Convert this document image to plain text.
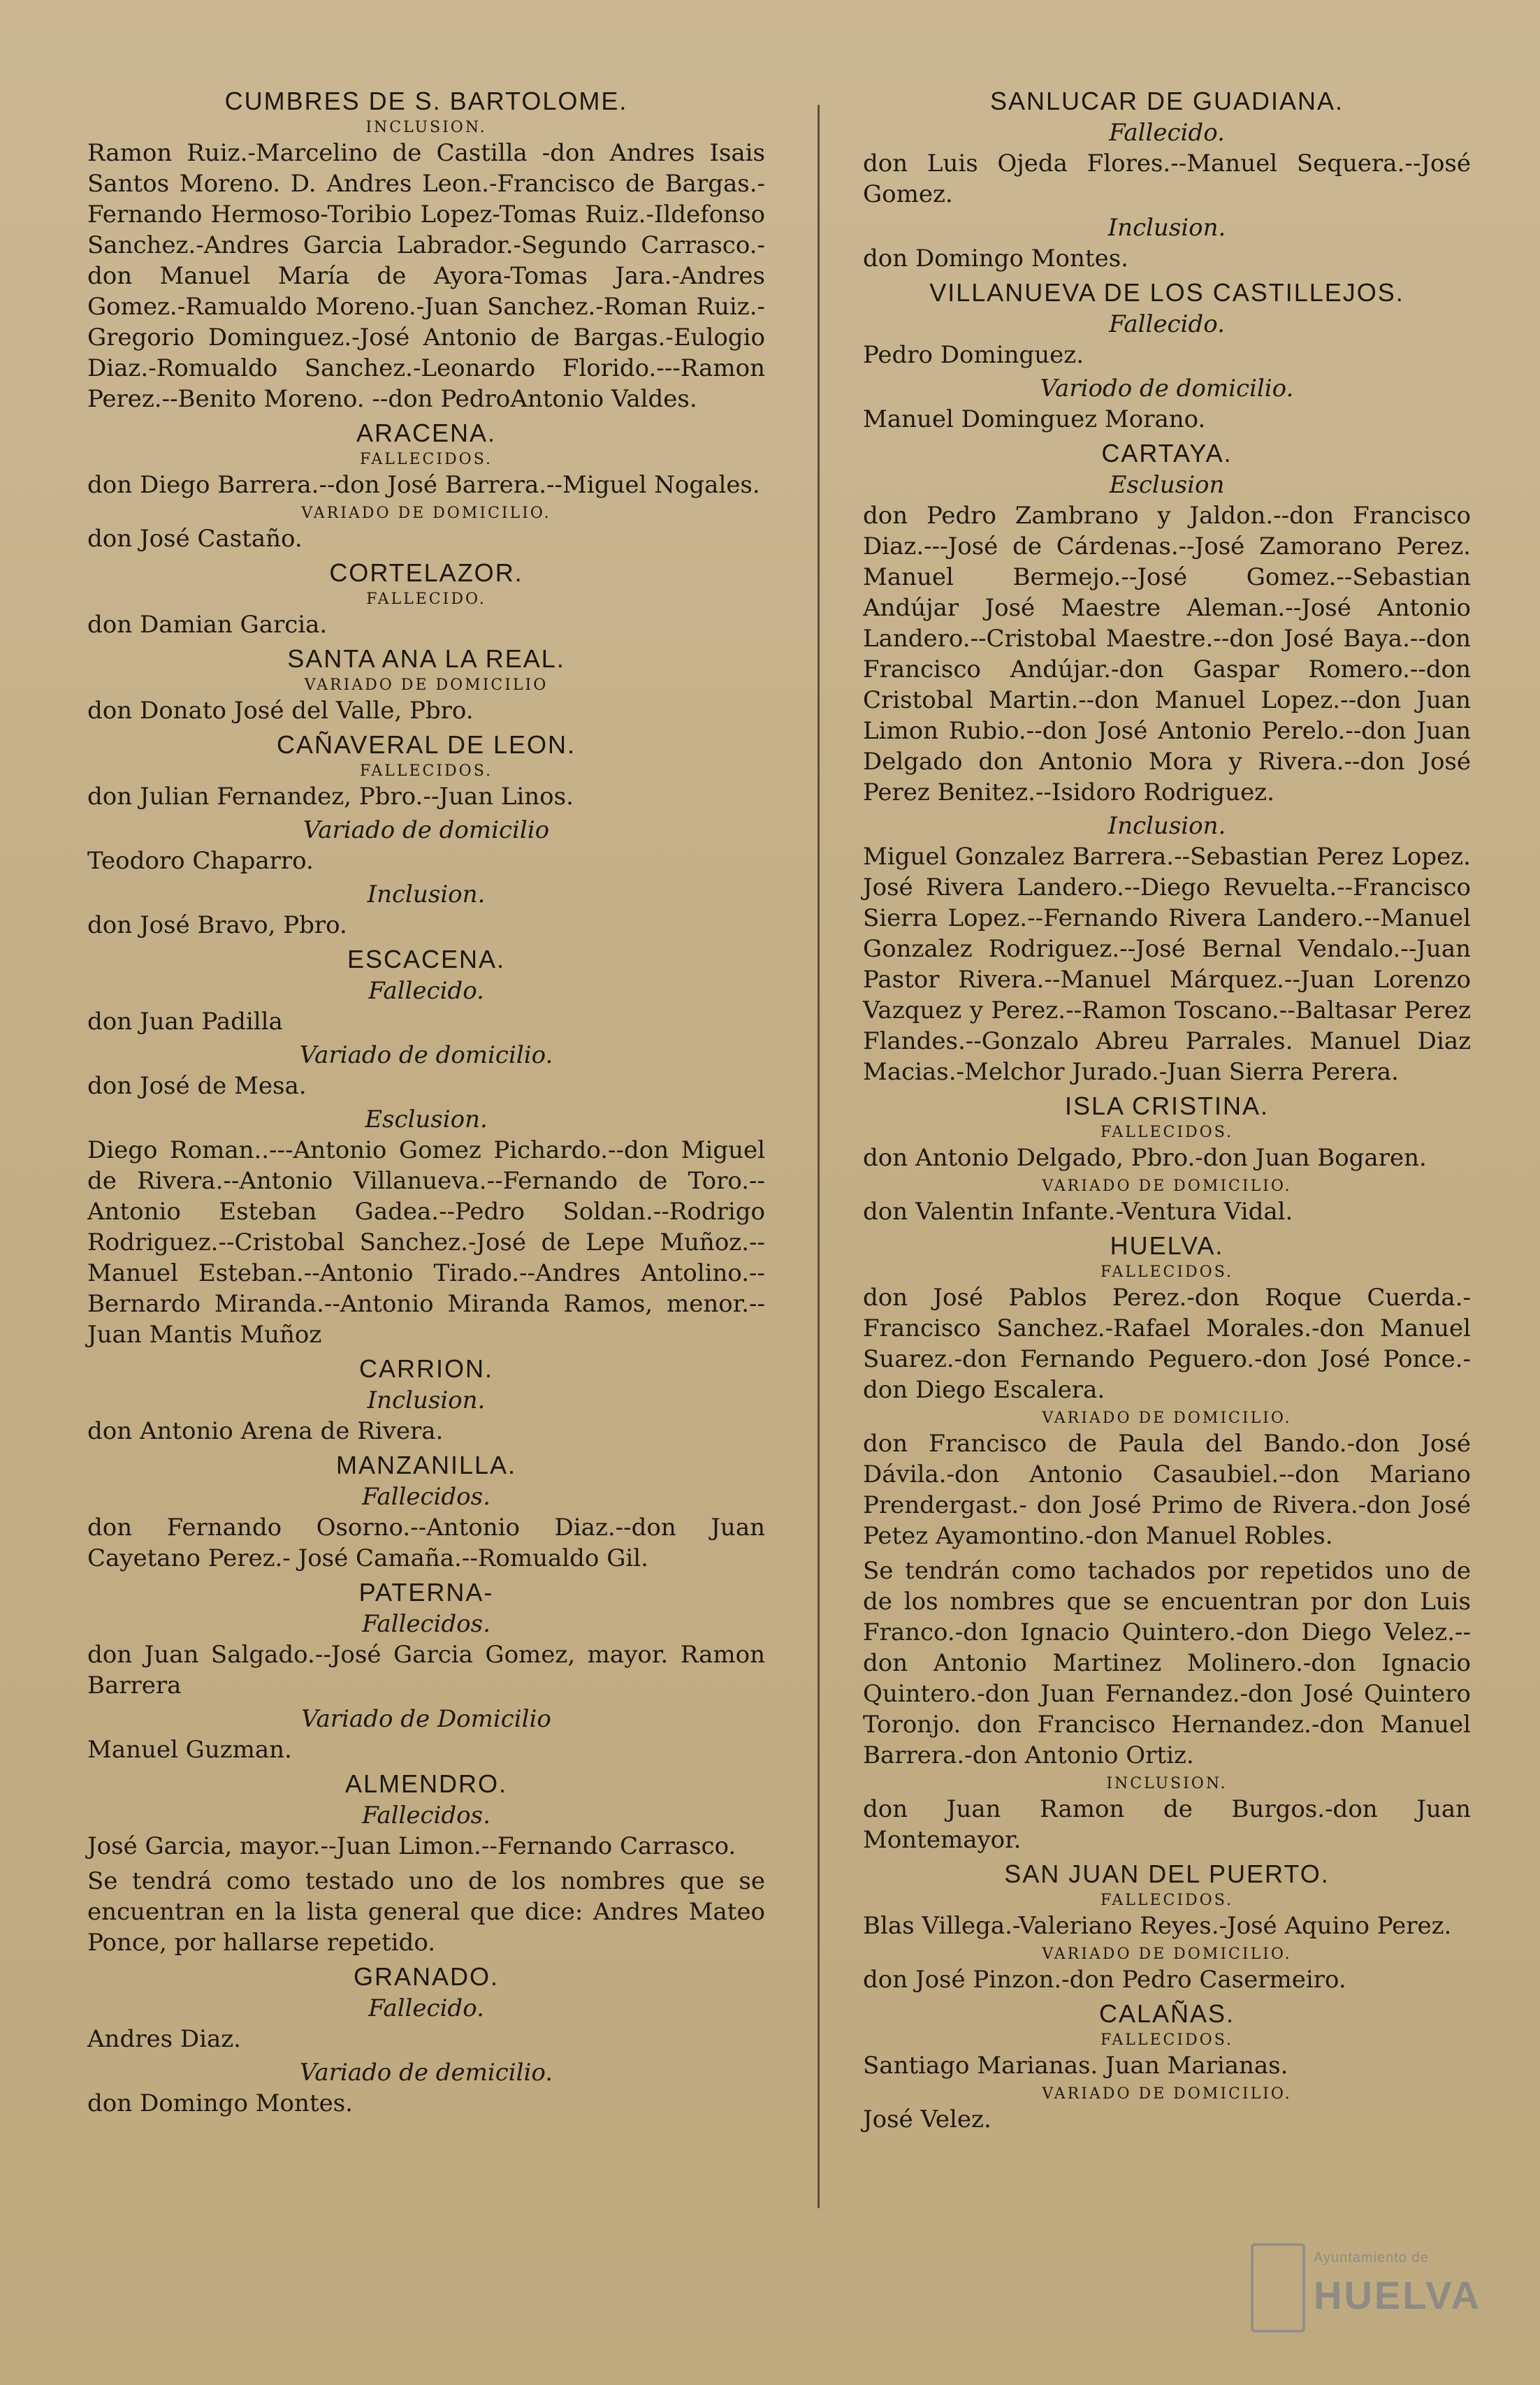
CUMBRES DE S. BARTOLOME.
INCLUSION.

Ramon Ruiz.-Marcelino de Castilla -don Andres Isais Santos Moreno. D. Andres Leon.-Francisco de Bargas.-Fernando Hermoso-Toribio Lopez-Tomas Ruiz.-Ildefonso Sanchez.-Andres Garcia Labrador.-Segundo Carrasco.-don Manuel María de Ayora-Tomas Jara.-Andres Gomez.-Ramualdo Moreno.-Juan Sanchez.-Roman Ruiz.-Gregorio Dominguez.-José Antonio de Bargas.-Eulogio Diaz.-Romualdo Sanchez.-Leonardo Florido.---Ramon Perez.--Benito Moreno. --don PedroAntonio Valdes.

ARACENA.
FALLECIDOS.

don Diego Barrera.--don José Barrera.--Miguel Nogales.

VARIADO DE DOMICILIO.

don José Castaño.

CORTELAZOR.
FALLECIDO.

don Damian Garcia.

SANTA ANA LA REAL.
VARIADO DE DOMICILIO

don Donato José del Valle, Pbro.

CAÑAVERAL DE LEON.
FALLECIDOS.

don Julian Fernandez, Pbro.--Juan Linos.

Variado de domicilio

Teodoro Chaparro.

Inclusion.

don José Bravo, Pbro.

ESCACENA.
Fallecido.

don Juan Padilla

Variado de domicilio.

don José de Mesa.

Esclusion.

Diego Roman..---Antonio Gomez Pichardo.--don Miguel de Rivera.--Antonio Villanueva.--Fernando de Toro.--Antonio Esteban Gadea.--Pedro Soldan.--Rodrigo Rodriguez.--Cristobal Sanchez.-José de Lepe Muñoz.--Manuel Esteban.--Antonio Tirado.--Andres Antolino.--Bernardo Miranda.--Antonio Miranda Ramos, menor.--Juan Mantis Muñoz

CARRION.
Inclusion.

don Antonio Arena de Rivera.

MANZANILLA.
Fallecidos.

don Fernando Osorno.--Antonio Diaz.--don Juan Cayetano Perez.- José Camaña.--Romualdo Gil.

PATERNA-
Fallecidos.

don Juan Salgado.--José Garcia Gomez, mayor. Ramon Barrera

Variado de Domicilio

Manuel Guzman.

ALMENDRO.
Fallecidos.

José Garcia, mayor.--Juan Limon.--Fernando Carrasco.

Se tendrá como testado uno de los nombres que se encuentran en la lista general que dice: Andres Mateo Ponce, por hallarse repetido.

GRANADO.
Fallecido.

Andres Diaz.

Variado de demicilio.

don Domingo Montes.

SANLUCAR DE GUADIANA.
Fallecido.

don Luis Ojeda Flores.--Manuel Sequera.--José Gomez.

Inclusion.

don Domingo Montes.

VILLANUEVA DE LOS CASTILLEJOS.
Fallecido.

Pedro Dominguez.

Variodo de domicilio.

Manuel Dominguez Morano.

CARTAYA.
Esclusion

don Pedro Zambrano y Jaldon.--don Francisco Diaz.---José de Cárdenas.--José Zamorano Perez. Manuel Bermejo.--José Gomez.--Sebastian Andújar José Maestre Aleman.--José Antonio Landero.--Cristobal Maestre.--don José Baya.--don Francisco Andújar.-don Gaspar Romero.--don Cristobal Martin.--don Manuel Lopez.--don Juan Limon Rubio.--don José Antonio Perelo.--don Juan Delgado don Antonio Mora y Rivera.--don José Perez Benitez.--Isidoro Rodriguez.

Inclusion.

Miguel Gonzalez Barrera.--Sebastian Perez Lopez. José Rivera Landero.--Diego Revuelta.--Francisco Sierra Lopez.--Fernando Rivera Landero.--Manuel Gonzalez Rodriguez.--José Bernal Vendalo.--Juan Pastor Rivera.--Manuel Márquez.--Juan Lorenzo Vazquez y Perez.--Ramon Toscano.--Baltasar Perez Flandes.--Gonzalo Abreu Parrales. Manuel Diaz Macias.-Melchor Jurado.-Juan Sierra Perera.

ISLA CRISTINA.
FALLECIDOS.

don Antonio Delgado, Pbro.-don Juan Bogaren.

VARIADO DE DOMICILIO.

don Valentin Infante.-Ventura Vidal.

HUELVA.
FALLECIDOS.

don José Pablos Perez.-don Roque Cuerda.-Francisco Sanchez.-Rafael Morales.-don Manuel Suarez.-don Fernando Peguero.-don José Ponce.-don Diego Escalera.

VARIADO DE DOMICILIO.

don Francisco de Paula del Bando.-don José Dávila.-don Antonio Casaubiel.--don Mariano Prendergast.- don José Primo de Rivera.-don José Petez Ayamontino.-don Manuel Robles.

Se tendrán como tachados por repetidos uno de de los nombres que se encuentran por don Luis Franco.-don Ignacio Quintero.-don Diego Velez.--don Antonio Martinez Molinero.-don Ignacio Quintero.-don Juan Fernandez.-don José Quintero Toronjo. don Francisco Hernandez.-don Manuel Barrera.-don Antonio Ortiz.

INCLUSION.

don Juan Ramon de Burgos.-don Juan Montemayor.

SAN JUAN DEL PUERTO.
FALLECIDOS.

Blas Villega.-Valeriano Reyes.-José Aquino Perez.

VARIADO DE DOMICILIO.

don José Pinzon.-don Pedro Casermeiro.

CALAÑAS.
FALLECIDOS.

Santiago Marianas. Juan Marianas.

VARIADO DE DOMICILIO.

José Velez.

Ayuntamiento de
HUELVA
